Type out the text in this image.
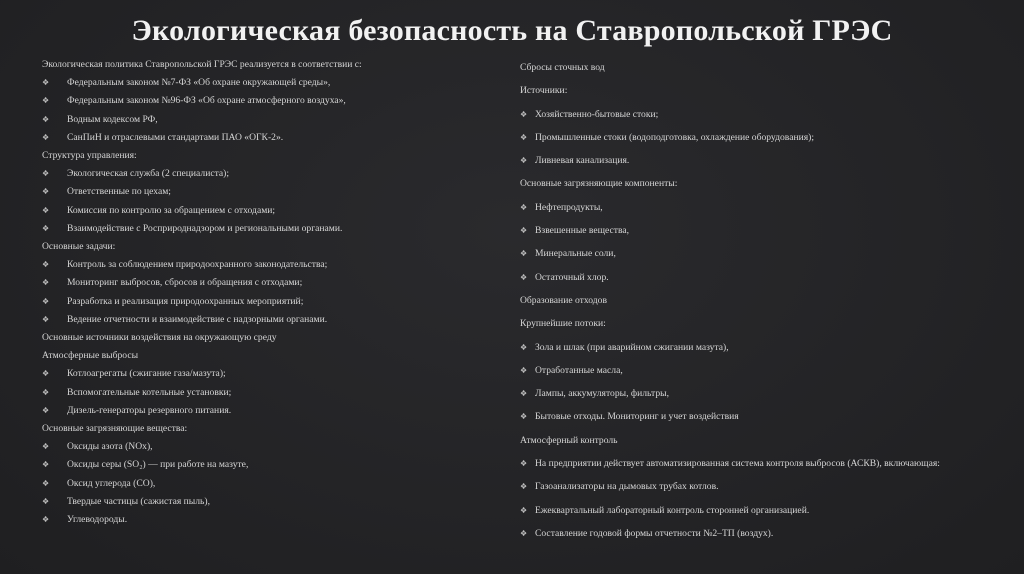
Экологическая безопасность на Ставропольской ГРЭС
Экологическая политика Ставропольской ГРЭС реализуется в соответствии с:
❖ Федеральным законом №7-ФЗ «Об охране окружающей среды»,
❖ Федеральным законом №96-ФЗ «Об охране атмосферного воздуха»,
❖ Водным кодексом РФ,
❖ СанПиН и отраслевыми стандартами ПАО «ОГК-2».
Структура управления:
❖ Экологическая служба (2 специалиста);
❖ Ответственные по цехам;
❖ Комиссия по контролю за обращением с отходами;
❖ Взаимодействие с Росприроднадзором и региональными органами.
Основные задачи:
❖ Контроль за соблюдением природоохранного законодательства;
❖ Мониторинг выбросов, сбросов и обращения с отходами;
❖ Разработка и реализация природоохранных мероприятий;
❖ Ведение отчетности и взаимодействие с надзорными органами.
Основные источники воздействия на окружающую среду
Атмосферные выбросы
❖ Котлоагрегаты (сжигание газа/мазута);
❖ Вспомогательные котельные установки;
❖ Дизель-генераторы резервного питания.
Основные загрязняющие вещества:
❖ Оксиды азота (NOx),
❖ Оксиды серы (SO₂) — при работе на мазуте,
❖ Оксид углерода (CO),
❖ Твердые частицы (сажистая пыль),
❖ Углеводороды.
Сбросы сточных вод
Источники:
❖ Хозяйственно-бытовые стоки;
❖ Промышленные стоки (водоподготовка, охлаждение оборудования);
❖ Ливневая канализация.
Основные загрязняющие компоненты:
❖ Нефтепродукты,
❖ Взвешенные вещества,
❖ Минеральные соли,
❖ Остаточный хлор.
Образование отходов
Крупнейшие потоки:
❖ Зола и шлак (при аварийном сжигании мазута),
❖ Отработанные масла,
❖ Лампы, аккумуляторы, фильтры,
❖ Бытовые отходы. Мониторинг и учет воздействия
Атмосферный контроль
❖ На предприятии действует автоматизированная система контроля выбросов (АСКВ), включающая:
❖ Газоанализаторы на дымовых трубах котлов.
❖ Ежеквартальный лабораторный контроль сторонней организацией.
❖ Составление годовой формы отчетности №2–ТП (воздух).
